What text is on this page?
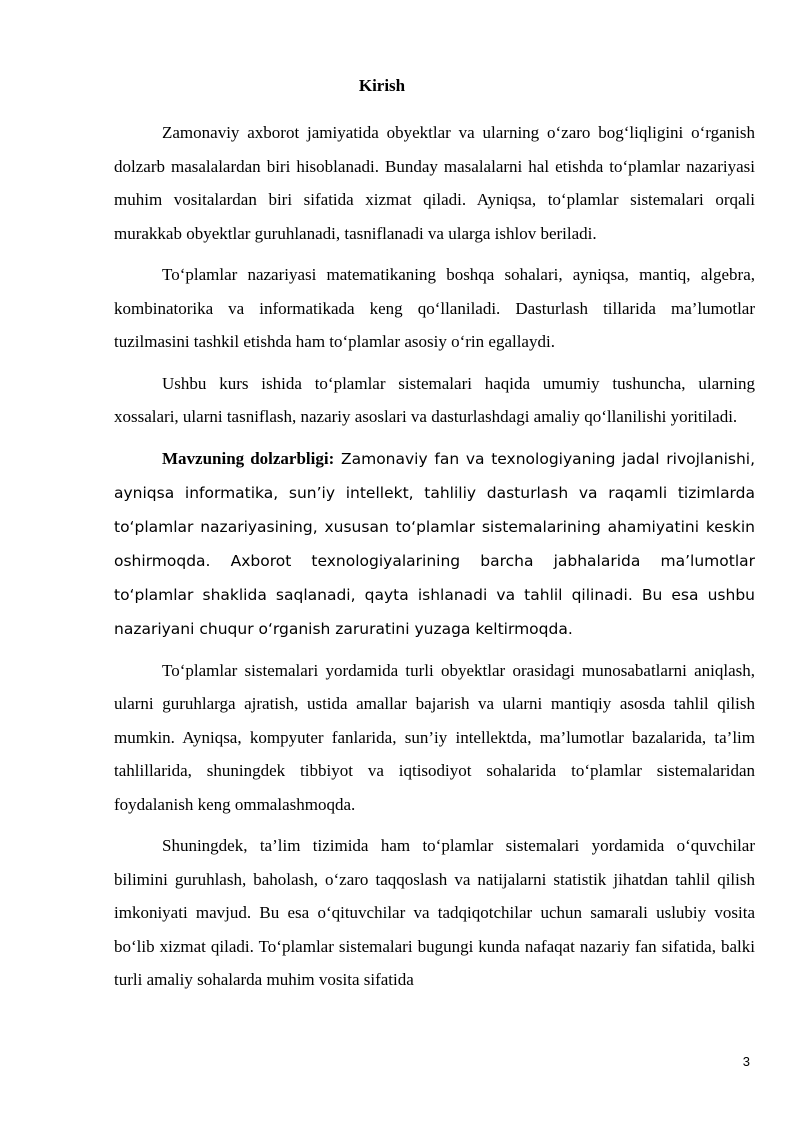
Kirish

Zamonaviy axborot jamiyatida obyektlar va ularning o‘zaro bog‘liqligini o‘rganish dolzarb masalalardan biri hisoblanadi. Bunday masalalarni hal etishda to‘plamlar nazariyasi muhim vositalardan biri sifatida xizmat qiladi. Ayniqsa, to‘plamlar sistemalari orqali murakkab obyektlar guruhlanadi, tasniflanadi va ularga ishlov beriladi.

To‘plamlar nazariyasi matematikaning boshqa sohalari, ayniqsa, mantiq, algebra, kombinatorika va informatikada keng qo‘llaniladi. Dasturlash tillarida ma’lumotlar tuzilmasini tashkil etishda ham to‘plamlar asosiy o‘rin egallaydi.

Ushbu kurs ishida to‘plamlar sistemalari haqida umumiy tushuncha, ularning xossalari, ularni tasniflash, nazariy asoslari va dasturlashdagi amaliy qo‘llanilishi yoritiladi.

Mavzuning dolzarbligi: Zamonaviy fan va texnologiyaning jadal rivojlanishi, ayniqsa informatika, sun’iy intellekt, tahliliy dasturlash va raqamli tizimlarda to‘plamlar nazariyasining, xususan to‘plamlar sistemalarining ahamiyatini keskin oshirmoqda. Axborot texnologiyalarining barcha jabhalarida ma’lumotlar to‘plamlar shaklida saqlanadi, qayta ishlanadi va tahlil qilinadi. Bu esa ushbu nazariyani chuqur o‘rganish zaruratini yuzaga keltirmoqda.

To‘plamlar sistemalari yordamida turli obyektlar orasidagi munosabatlarni aniqlash, ularni guruhlarga ajratish, ustida amallar bajarish va ularni mantiqiy asosda tahlil qilish mumkin. Ayniqsa, kompyuter fanlarida, sun’iy intellektda, ma’lumotlar bazalarida, ta’lim tahlillarida, shuningdek tibbiyot va iqtisodiyot sohalarida to‘plamlar sistemalaridan foydalanish keng ommalashmoqda.

Shuningdek, ta’lim tizimida ham to‘plamlar sistemalari yordamida o‘quvchilar bilimini guruhlash, baholash, o‘zaro taqqoslash va natijalarni statistik jihatdan tahlil qilish imkoniyati mavjud. Bu esa o‘qituvchilar va tadqiqotchilar uchun samarali uslubiy vosita bo‘lib xizmat qiladi. To‘plamlar sistemalari bugungi kunda nafaqat nazariy fan sifatida, balki turli amaliy sohalarda muhim vosita sifatida

3
